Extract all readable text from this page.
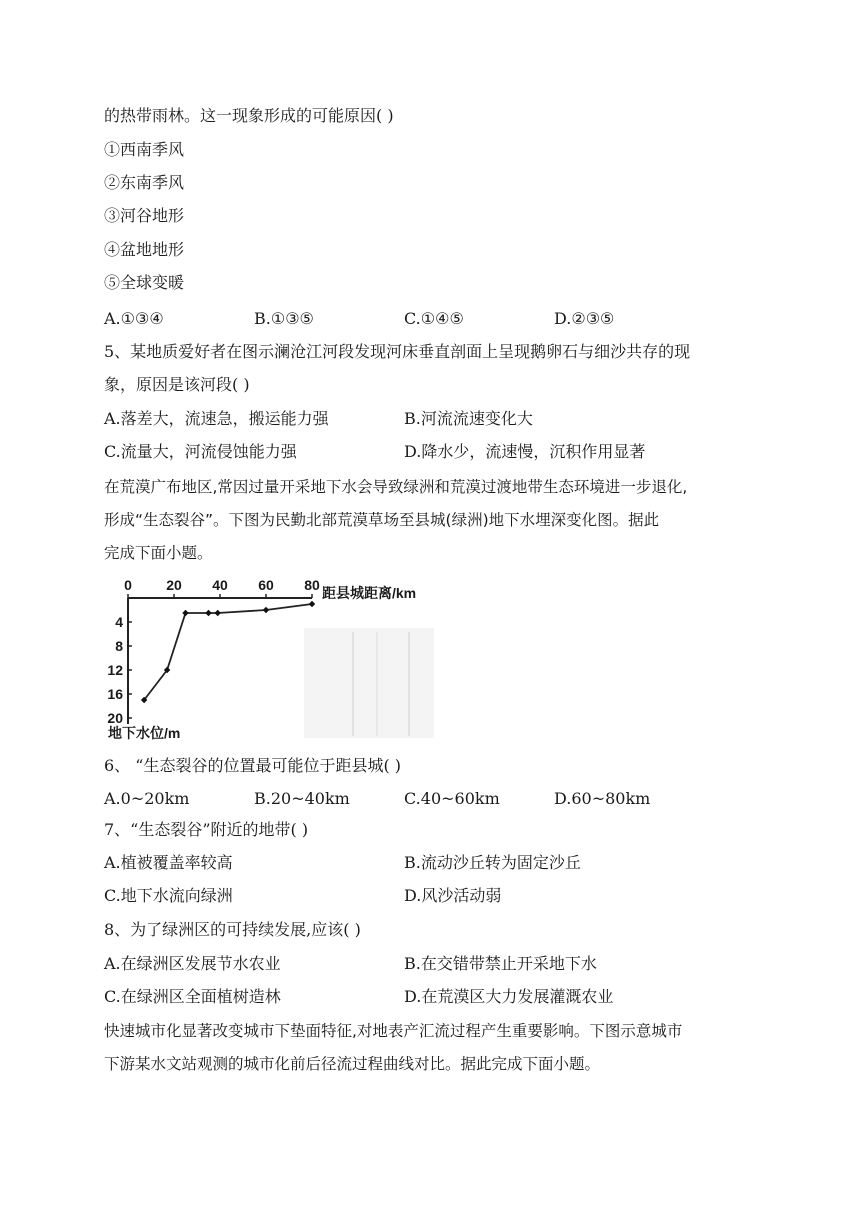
的热带雨林。这一现象形成的可能原因( )
①西南季风
②东南季风
③河谷地形
④盆地地形
⑤全球变暖
A.①③④	B.①③⑤	C.①④⑤	D.②③⑤
5、某地质爱好者在图示澜沧江河段发现河床垂直剖面上呈现鹅卵石与细沙共存的现
象，原因是该河段( )
A.落差大，流速急，搬运能力强	B.河流流速变化大
C.流量大，河流侵蚀能力强	D.降水少，流速慢，沉积作用显著
在荒漠广布地区,常因过量开采地下水会导致绿洲和荒漠过渡地带生态环境进一步退化,
形成“生态裂谷”。下图为民勤北部荒漠草场至县城(绿洲)地下水埋深变化图。据此
完成下面小题。
0 20 40 60 80
4
8
12
16
20
距县城距离/km
地下水位/m
6、 “生态裂谷的位置最可能位于距县城( )
A.0~20km	B.20~40km	C.40~60km	D.60~80km
7、“生态裂谷”附近的地带( )
A.植被覆盖率较高	B.流动沙丘转为固定沙丘
C.地下水流向绿洲	D.风沙活动弱
8、为了绿洲区的可持续发展,应该( )
A.在绿洲区发展节水农业	B.在交错带禁止开采地下水
C.在绿洲区全面植树造林	D.在荒漠区大力发展灌溉农业
快速城市化显著改变城市下垫面特征,对地表产汇流过程产生重要影响。下图示意城市
下游某水文站观测的城市化前后径流过程曲线对比。据此完成下面小题。
